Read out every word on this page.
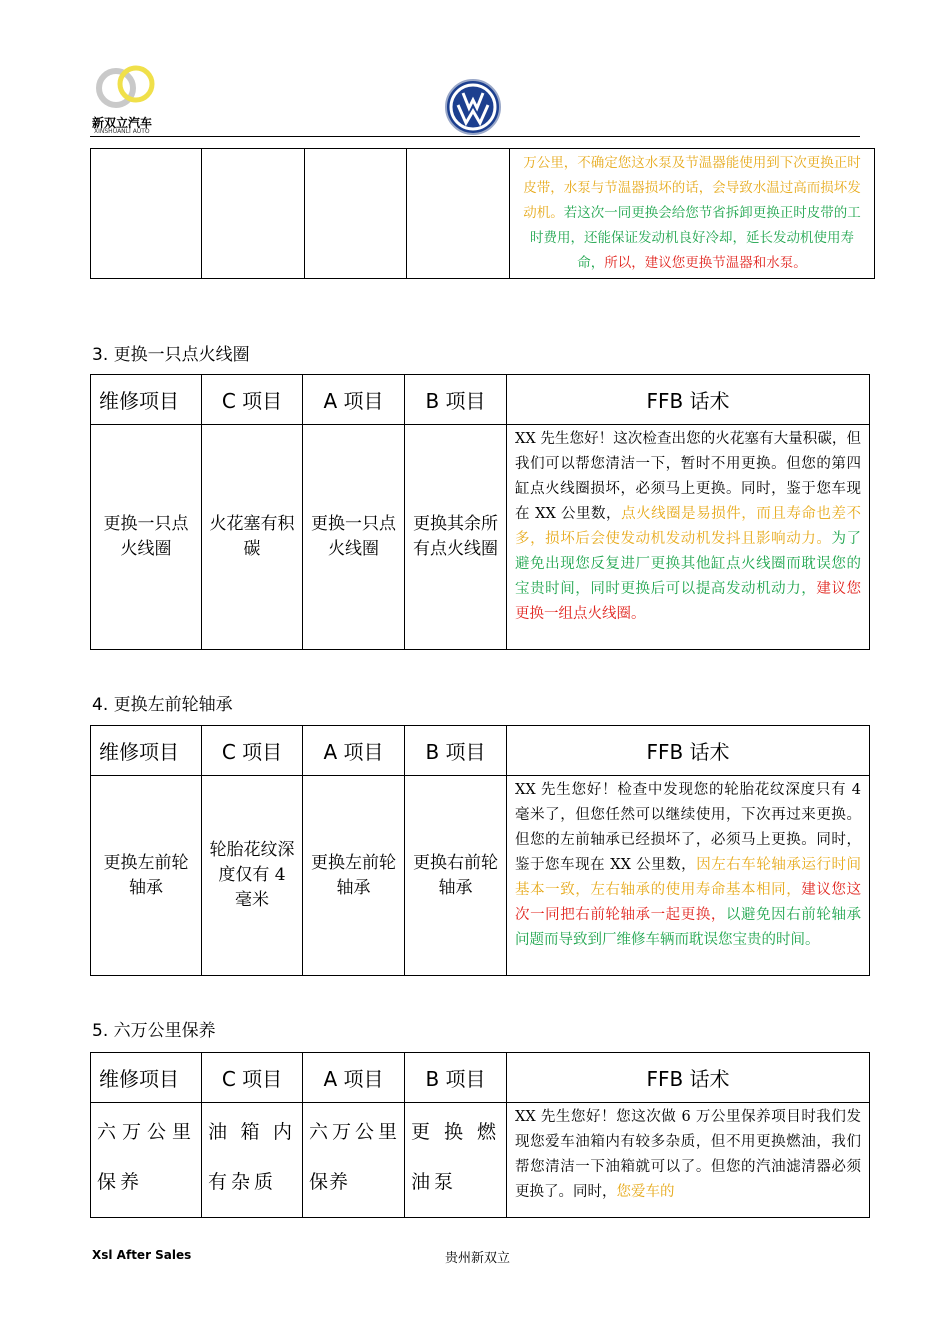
新双立汽车
XINSHUANLI AUTO
				万公里，不确定您这水泵及节温器能使用到下次更换正时皮带，水泵与节温器损坏的话，会导致水温过高而损坏发动机。若这次一同更换会给您节省拆卸更换正时皮带的工时费用，还能保证发动机良好冷却，延长发动机使用寿命，所以，建议您更换节温器和水泵。
3. 更换一只点火线圈
维修项目	C 项目	A 项目	B 项目	FFB 话术
更换一只点火线圈	火花塞有积碳	更换一只点火线圈	更换其余所有点火线圈	XX 先生您好！这次检查出您的火花塞有大量积碳，但我们可以帮您清洁一下，暂时不用更换。但您的第四缸点火线圈损坏，必须马上更换。同时，鉴于您车现在 XX 公里数，点火线圈是易损件，而且寿命也差不多，损坏后会使发动机发动机发抖且影响动力。为了避免出现您反复进厂更换其他缸点火线圈而耽误您的宝贵时间，同时更换后可以提高发动机动力，建议您更换一组点火线圈。
4. 更换左前轮轴承
维修项目	C 项目	A 项目	B 项目	FFB 话术
更换左前轮轴承	轮胎花纹深度仅有 4 毫米	更换左前轮轴承	更换右前轮轴承	XX 先生您好！检查中发现您的轮胎花纹深度只有 4 毫米了，但您任然可以继续使用，下次再过来更换。但您的左前轴承已经损坏了，必须马上更换。同时，鉴于您车现在 XX 公里数，因左右车轮轴承运行时间基本一致，左右轴承的使用寿命基本相同，建议您这次一同把右前轮轴承一起更换，以避免因右前轮轴承问题而导致到厂维修车辆而耽误您宝贵的时间。
5. 六万公里保养
维修项目	C 项目	A 项目	B 项目	FFB 话术
六万公里保养	油箱内有杂质	六万公里保养	更换燃油泵	XX 先生您好！您这次做 6 万公里保养项目时我们发现您爱车油箱内有较多杂质，但不用更换燃油，我们帮您清洁一下油箱就可以了。但您的汽油滤清器必须更换了。同时，您爱车的
Xsl After Sales	贵州新双立
